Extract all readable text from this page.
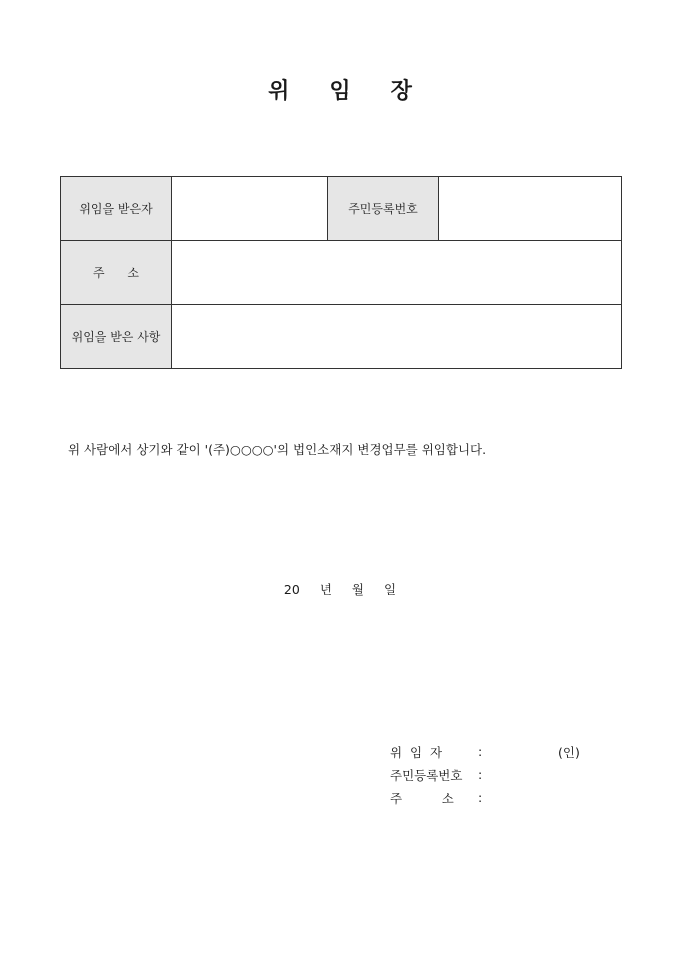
위 임 장
위임을 받은자		주민등록번호	
주      소			
위임을 받은 사항			
위 사람에서 상기와 같이 '(주)○○○○'의 법인소재지 변경업무를 위임합니다.
20 년 월 일
위  임  자	:	(인)
주민등록번호	:
주          소	:
